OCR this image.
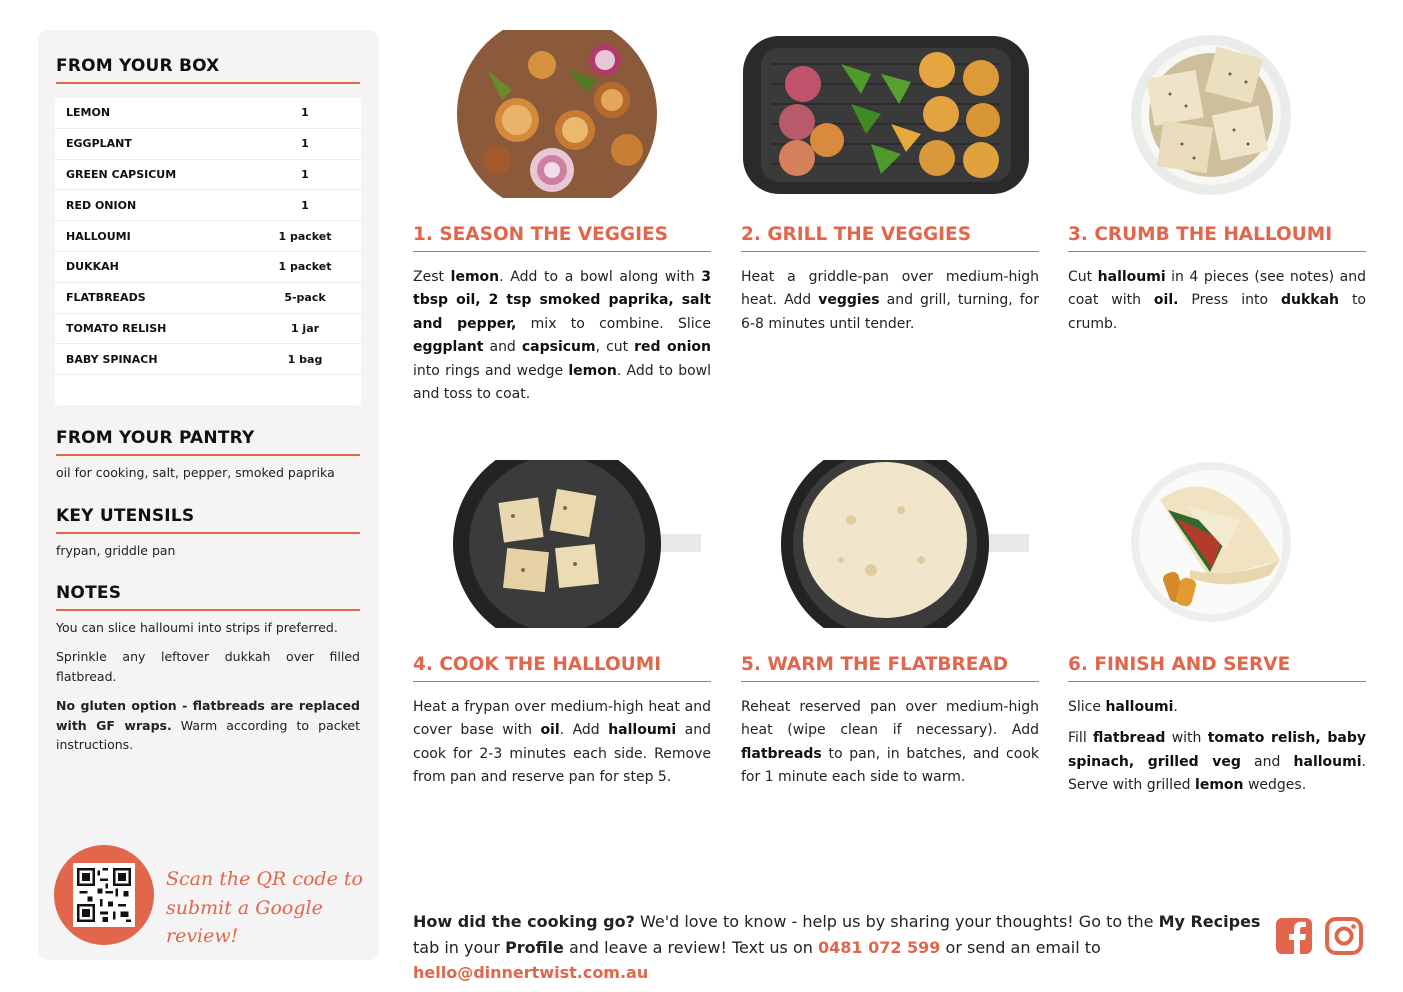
FROM YOUR BOX
LEMON	1
EGGPLANT	1
GREEN CAPSICUM	1
RED ONION	1
HALLOUMI	1 packet
DUKKAH	1 packet
FLATBREADS	5-pack
TOMATO RELISH	1 jar
BABY SPINACH	1 bag
FROM YOUR PANTRY
oil for cooking, salt, pepper, smoked paprika
KEY UTENSILS
frypan, griddle pan
NOTES

You can slice halloumi into strips if preferred.

Sprinkle any leftover dukkah over filled flatbread.

No gluten option - flatbreads are replaced with GF wraps. Warm according to packet instructions.

Scan the QR code to
submit a Google review!
1. SEASON THE VEGGIES

Zest lemon. Add to a bowl along with 3 tbsp oil, 2 tsp smoked paprika, salt and pepper, mix to combine. Slice eggplant and capsicum, cut red onion into rings and wedge lemon. Add to bowl and toss to coat.

2. GRILL THE VEGGIES

Heat a griddle-pan over medium-high heat. Add veggies and grill, turning, for 6-8 minutes until tender.

3. CRUMB THE HALLOUMI

Cut halloumi in 4 pieces (see notes) and coat with oil. Press into dukkah to crumb.

4. COOK THE HALLOUMI

Heat a frypan over medium-high heat and cover base with oil. Add halloumi and cook for 2-3 minutes each side. Remove from pan and reserve pan for step 5.

5. WARM THE FLATBREAD

Reheat reserved pan over medium-high heat (wipe clean if necessary). Add flatbreads to pan, in batches, and cook for 1 minute each side to warm.

6. FINISH AND SERVE

Slice halloumi.

Fill flatbread with tomato relish, baby spinach, grilled veg and halloumi. Serve with grilled lemon wedges.

How did the cooking go? We'd love to know - help us by sharing your thoughts! Go to the My Recipes tab in your Profile and leave a review! Text us on 0481 072 599 or send an email to hello@dinnertwist.com.au
